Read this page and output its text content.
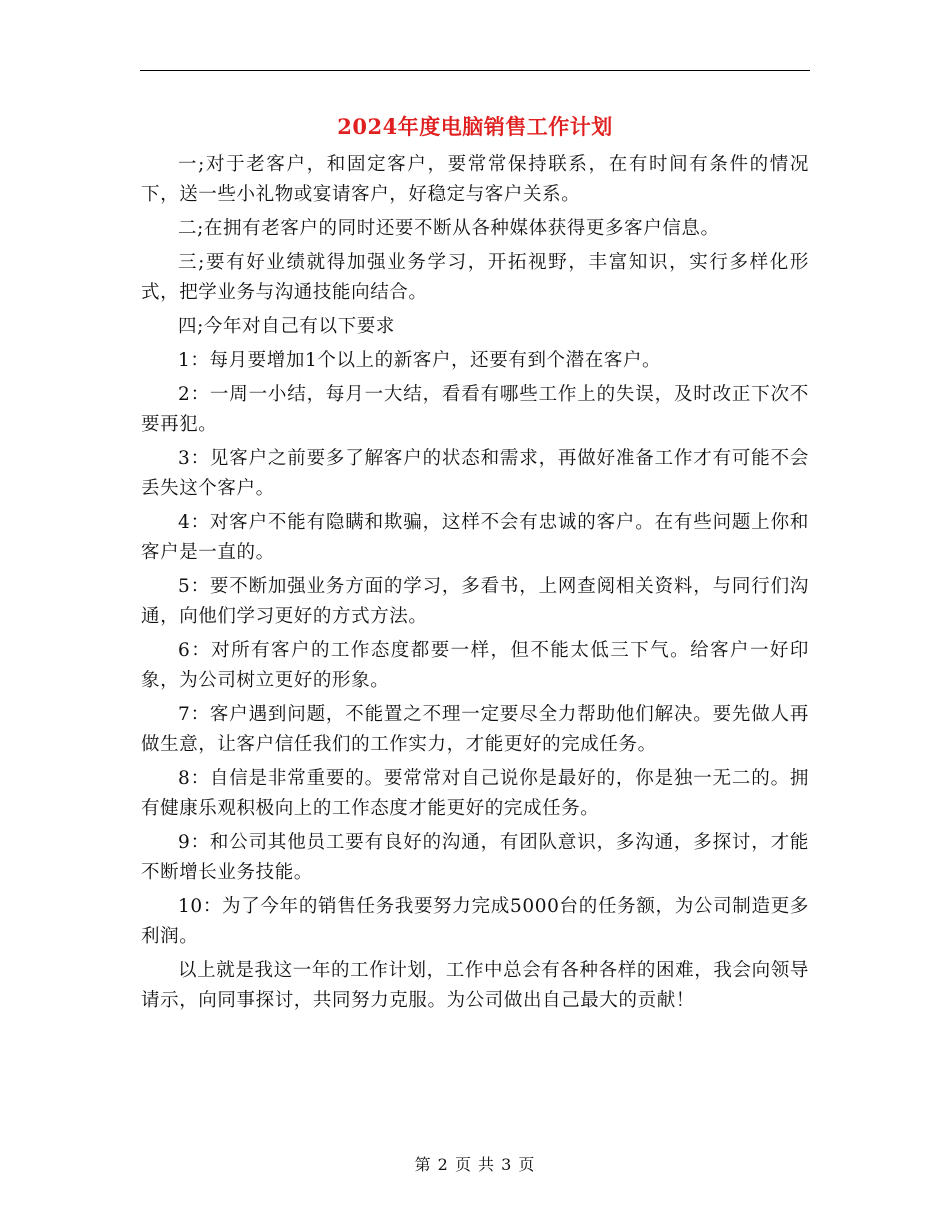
2024年度电脑销售工作计划

一;对于老客户，和固定客户，要常常保持联系，在有时间有条件的情况下，送一些小礼物或宴请客户，好稳定与客户关系。

二;在拥有老客户的同时还要不断从各种媒体获得更多客户信息。

三;要有好业绩就得加强业务学习，开拓视野，丰富知识，实行多样化形式，把学业务与沟通技能向结合。

四;今年对自己有以下要求

1：每月要增加1个以上的新客户，还要有到个潜在客户。

2：一周一小结，每月一大结，看看有哪些工作上的失误，及时改正下次不要再犯。

3：见客户之前要多了解客户的状态和需求，再做好准备工作才有可能不会丢失这个客户。

4：对客户不能有隐瞒和欺骗，这样不会有忠诚的客户。在有些问题上你和客户是一直的。

5：要不断加强业务方面的学习，多看书，上网查阅相关资料，与同行们沟通，向他们学习更好的方式方法。

6：对所有客户的工作态度都要一样，但不能太低三下气。给客户一好印象，为公司树立更好的形象。

7：客户遇到问题，不能置之不理一定要尽全力帮助他们解决。要先做人再做生意，让客户信任我们的工作实力，才能更好的完成任务。

8：自信是非常重要的。要常常对自己说你是最好的，你是独一无二的。拥有健康乐观积极向上的工作态度才能更好的完成任务。

9：和公司其他员工要有良好的沟通，有团队意识，多沟通，多探讨，才能不断增长业务技能。

10：为了今年的销售任务我要努力完成5000台的任务额，为公司制造更多利润。

以上就是我这一年的工作计划，工作中总会有各种各样的困难，我会向领导请示，向同事探讨，共同努力克服。为公司做出自己最大的贡献！

第 2 页 共 3 页
